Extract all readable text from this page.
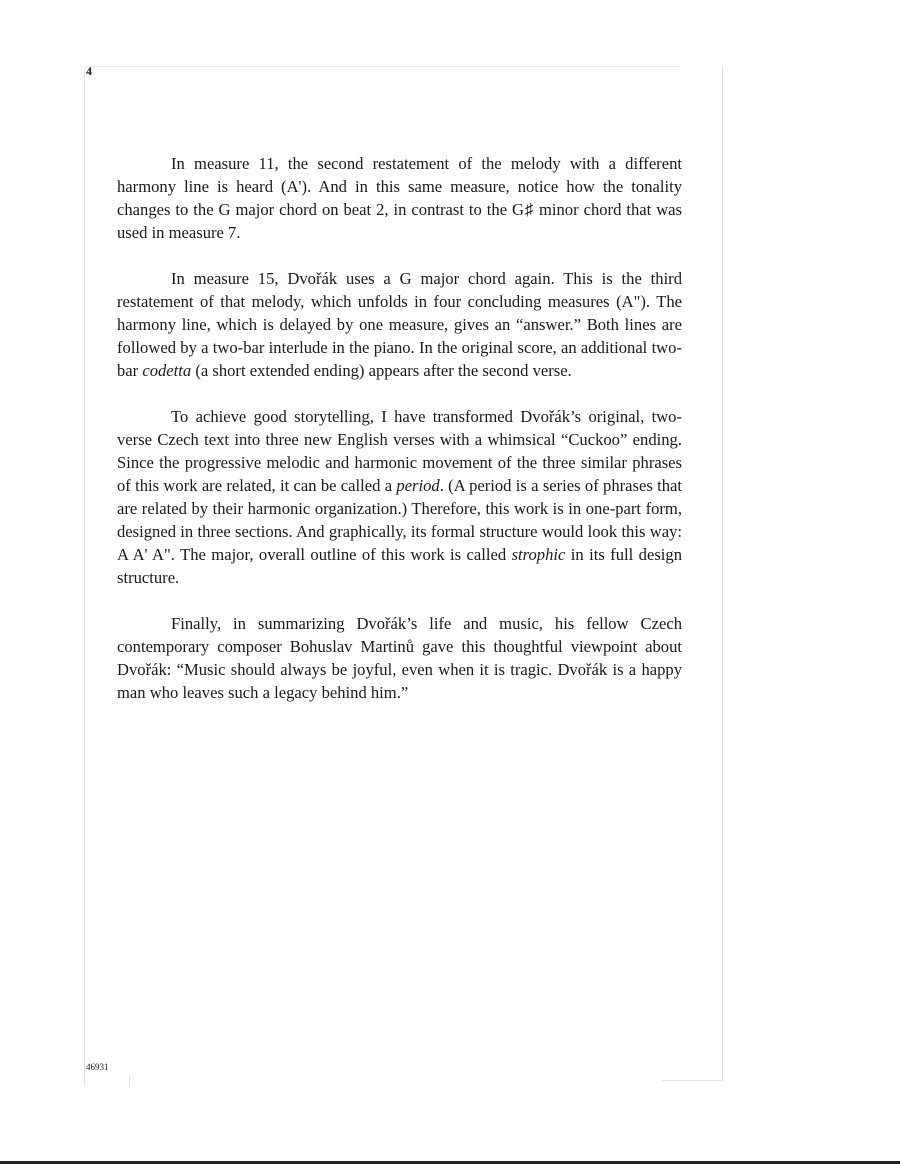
4

In measure 11, the second restatement of the melody with a different harmony line is heard (A'). And in this same measure, notice how the tonality changes to the G major chord on beat 2, in contrast to the G♯ minor chord that was used in measure 7.

In measure 15, Dvořák uses a G major chord again. This is the third restatement of that melody, which unfolds in four concluding measures (A"). The harmony line, which is delayed by one measure, gives an “answer.” Both lines are followed by a two-bar interlude in the piano. In the original score, an additional two-bar codetta (a short extended ending) appears after the second verse.

To achieve good storytelling, I have transformed Dvořák’s original, two-verse Czech text into three new English verses with a whimsical “Cuckoo” ending. Since the progressive melodic and harmonic movement of the three similar phrases of this work are related, it can be called a period. (A period is a series of phrases that are related by their harmonic organization.) Therefore, this work is in one-part form, designed in three sections. And graphically, its formal structure would look this way: A A' A". The major, overall outline of this work is called strophic in its full design structure.

Finally, in summarizing Dvořák’s life and music, his fellow Czech contemporary composer Bohuslav Martinů gave this thoughtful viewpoint about Dvořák: “Music should always be joyful, even when it is tragic. Dvořák is a happy man who leaves such a legacy behind him.”

46931
